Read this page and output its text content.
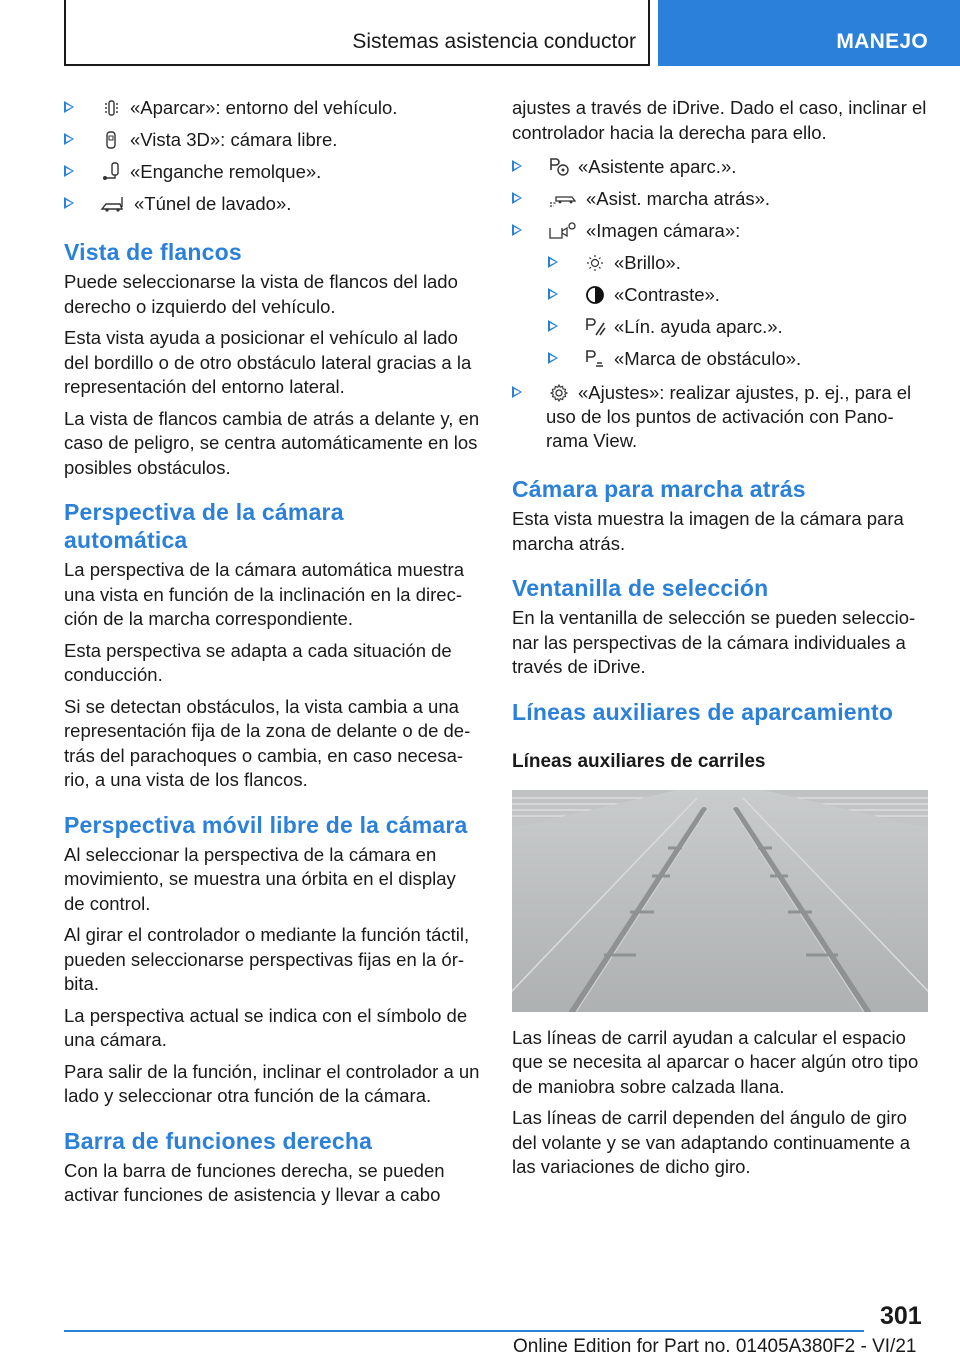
Sistemas asistencia conductor	MANEJO
«Aparcar»: entorno del vehículo.
«Vista 3D»: cámara libre.
«Enganche remolque».
«Túnel de lavado».
Vista de flancos

Puede seleccionarse la vista de flancos del lado derecho o izquierdo del vehículo.

Esta vista ayuda a posicionar el vehículo al lado del bordillo o de otro obstáculo lateral gracias a la representación del entorno lateral.

La vista de flancos cambia de atrás a delante y, en caso de peligro, se centra automáticamente en los posibles obstáculos.

Perspectiva de la cámara automática

La perspectiva de la cámara automática muestra una vista en función de la inclinación en la direc-ción de la marcha correspondiente.

Esta perspectiva se adapta a cada situación de conducción.

Si se detectan obstáculos, la vista cambia a una representación fija de la zona de delante o de de-trás del parachoques o cambia, en caso necesa-rio, a una vista de los flancos.

Perspectiva móvil libre de la cámara

Al seleccionar la perspectiva de la cámara en movimiento, se muestra una órbita en el display de control.

Al girar el controlador o mediante la función táctil, pueden seleccionarse perspectivas fijas en la ór-bita.

La perspectiva actual se indica con el símbolo de una cámara.

Para salir de la función, inclinar el controlador a un lado y seleccionar otra función de la cámara.

Barra de funciones derecha

Con la barra de funciones derecha, se pueden activar funciones de asistencia y llevar a cabo

ajustes a través de iDrive. Dado el caso, inclinar el controlador hacia la derecha para ello.

«Asistente aparc.».
«Asist. marcha atrás».
«Imagen cámara»:
«Brillo».
«Contraste».
«Lín. ayuda aparc.».
«Marca de obstáculo».
«Ajustes»: realizar ajustes, p. ej., para el uso de los puntos de activación con Pano-rama View.
Cámara para marcha atrás

Esta vista muestra la imagen de la cámara para marcha atrás.

Ventanilla de selección

En la ventanilla de selección se pueden seleccio-nar las perspectivas de la cámara individuales a través de iDrive.

Líneas auxiliares de aparcamiento
Líneas auxiliares de carriles

Las líneas de carril ayudan a calcular el espacio que se necesita al aparcar o hacer algún otro tipo de maniobra sobre calzada llana.

Las líneas de carril dependen del ángulo de giro del volante y se van adaptando continuamente a las variaciones de dicho giro.

301
Online Edition for Part no. 01405A380F2 - VI/21
